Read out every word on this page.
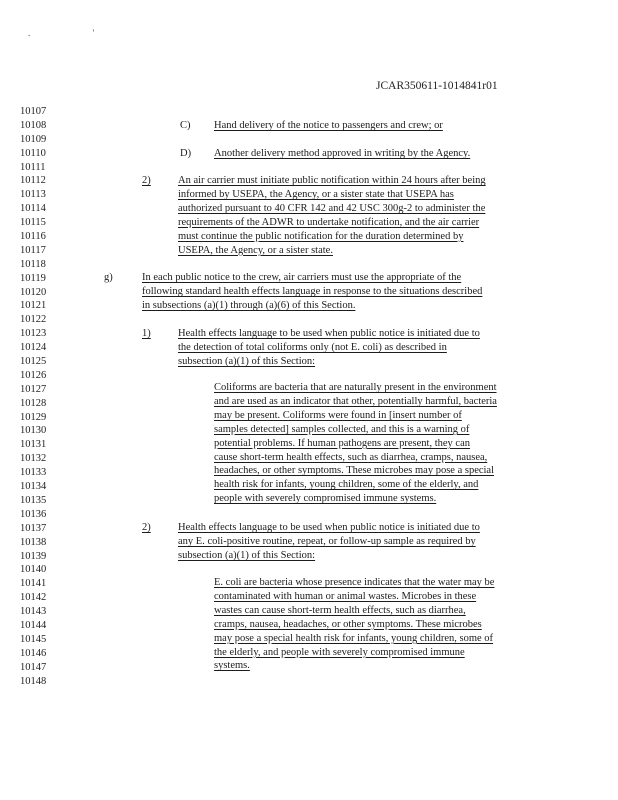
. '
JCAR350611-1014841r01
10107
10108
10109
10110
10111
10112
10113
10114
10115
10116
10117
10118
10119
10120
10121
10122
10123
10124
10125
10126
10127
10128
10129
10130
10131
10132
10133
10134
10135
10136
10137
10138
10139
10140
10141
10142
10143
10144
10145
10146
10147
10148
C) Hand delivery of the notice to passengers and crew; or
D) Another delivery method approved in writing by the Agency.
2)	An air carrier must initiate public notification within 24 hours after being
informed by USEPA, the Agency, or a sister state that USEPA has
authorized pursuant to 40 CFR 142 and 42 USC 300g-2 to administer the
requirements of the ADWR to undertake notification, and the air carrier
must continue the public notification for the duration determined by
USEPA, the Agency, or a sister state.
g)	In each public notice to the crew, air carriers must use the appropriate of the
following standard health effects language in response to the situations described
in subsections (a)(1) through (a)(6) of this Section.
1)	Health effects language to be used when public notice is initiated due to
the detection of total coliforms only (not E. coli) as described in
subsection (a)(1) of this Section:
Coliforms are bacteria that are naturally present in the environment
and are used as an indicator that other, potentially harmful, bacteria
may be present. Coliforms were found in [insert number of
samples detected] samples collected, and this is a warning of
potential problems. If human pathogens are present, they can
cause short-term health effects, such as diarrhea, cramps, nausea,
headaches, or other symptoms. These microbes may pose a special
health risk for infants, young children, some of the elderly, and
people with severely compromised immune systems.
2)	Health effects language to be used when public notice is initiated due to
any E. coli-positive routine, repeat, or follow-up sample as required by
subsection (a)(1) of this Section:
E. coli are bacteria whose presence indicates that the water may be
contaminated with human or animal wastes. Microbes in these
wastes can cause short-term health effects, such as diarrhea,
cramps, nausea, headaches, or other symptoms. These microbes
may pose a special health risk for infants, young children, some of
the elderly, and people with severely compromised immune
systems.
